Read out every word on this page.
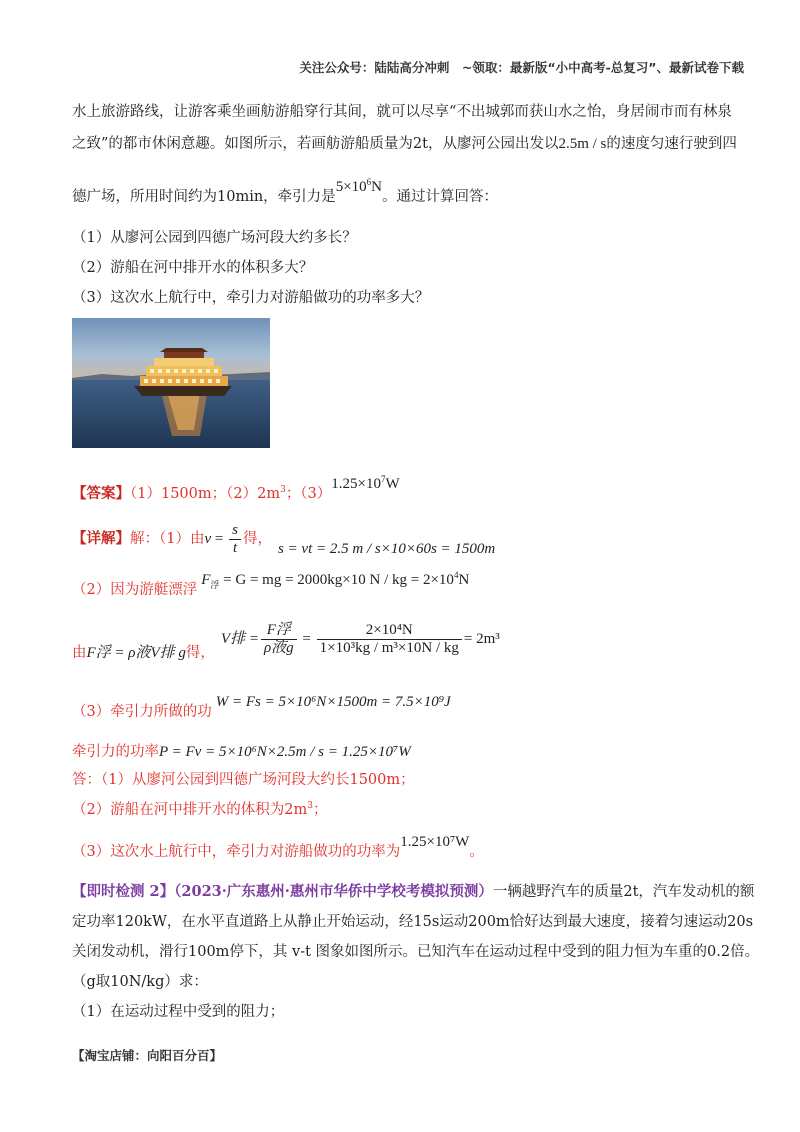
关注公众号：陆陆高分冲刺　~领取：最新版“小中高考-总复习”、最新试卷下载
水上旅游路线，让游客乘坐画舫游船穿行其间，就可以尽享“不出城郭而获山水之怡，身居闹市而有林泉
之致”的都市休闲意趣。如图所示，若画舫游船质量为2t，从廖河公园出发以2.5m / s的速度匀速行驶到四
德广场，所用时间约为10min，牵引力是$5\times 10^6N$。通过计算回答：
（1）从廖河公园到四德广场河段大约多长？
（2）游船在河中排开水的体积多大？
（3）这次水上航行中，牵引力对游船做功的功率多大？
【答案】（1）1500m；$(2)2m^3$；$(3)1.25\times 10^7W$
【详解】解：（1）由$v = \frac{s}{t}$ 得，s = vt = 2.5 m / s×10×60s = 1500m
（2）因为游艇漂浮$F_浮 = G$ = mg = 2000kg×10 N / kg = $2\times 10^4N$
由F浮 = ρ液V排 g得，V排 = $\frac{\text{F浮}}{\text{ρ液g}} = \frac{\text{2×10⁴N}}{\text{1×10³kg / m³×10N / kg}} = 2m^3$
（3）牵引力所做的功W = Fs = 5×10⁶N×1500m = 7.5×10⁹J
牵引力的功率P = Fv = 5×10⁶N×2.5m / s = 1.25×10⁷W
答：（1）从廖河公园到四德广场河段大约长1500m；
（2）游船在河中排开水的体积为$2m^3$；
（3）这次水上航行中，牵引力对游船做功的功率为1.25×10⁷W。
【即时检测 2】（2023·广东惠州·惠州市华侨中学校考模拟预测）一辆越野汽车的质量2t，汽车发动机的额
定功率120kW，在水平直道路上从静止开始运动，经15s运动200m恰好达到最大速度，接着匀速运动20s
关闭发动机，滑行100m停下，其 v-t 图象如图所示。已知汽车在运动过程中受到的阻力恒为车重的0.2倍。
（g取10N/kg）求：
（1）在运动过程中受到的阻力；
【淘宝店铺：向阳百分百】
